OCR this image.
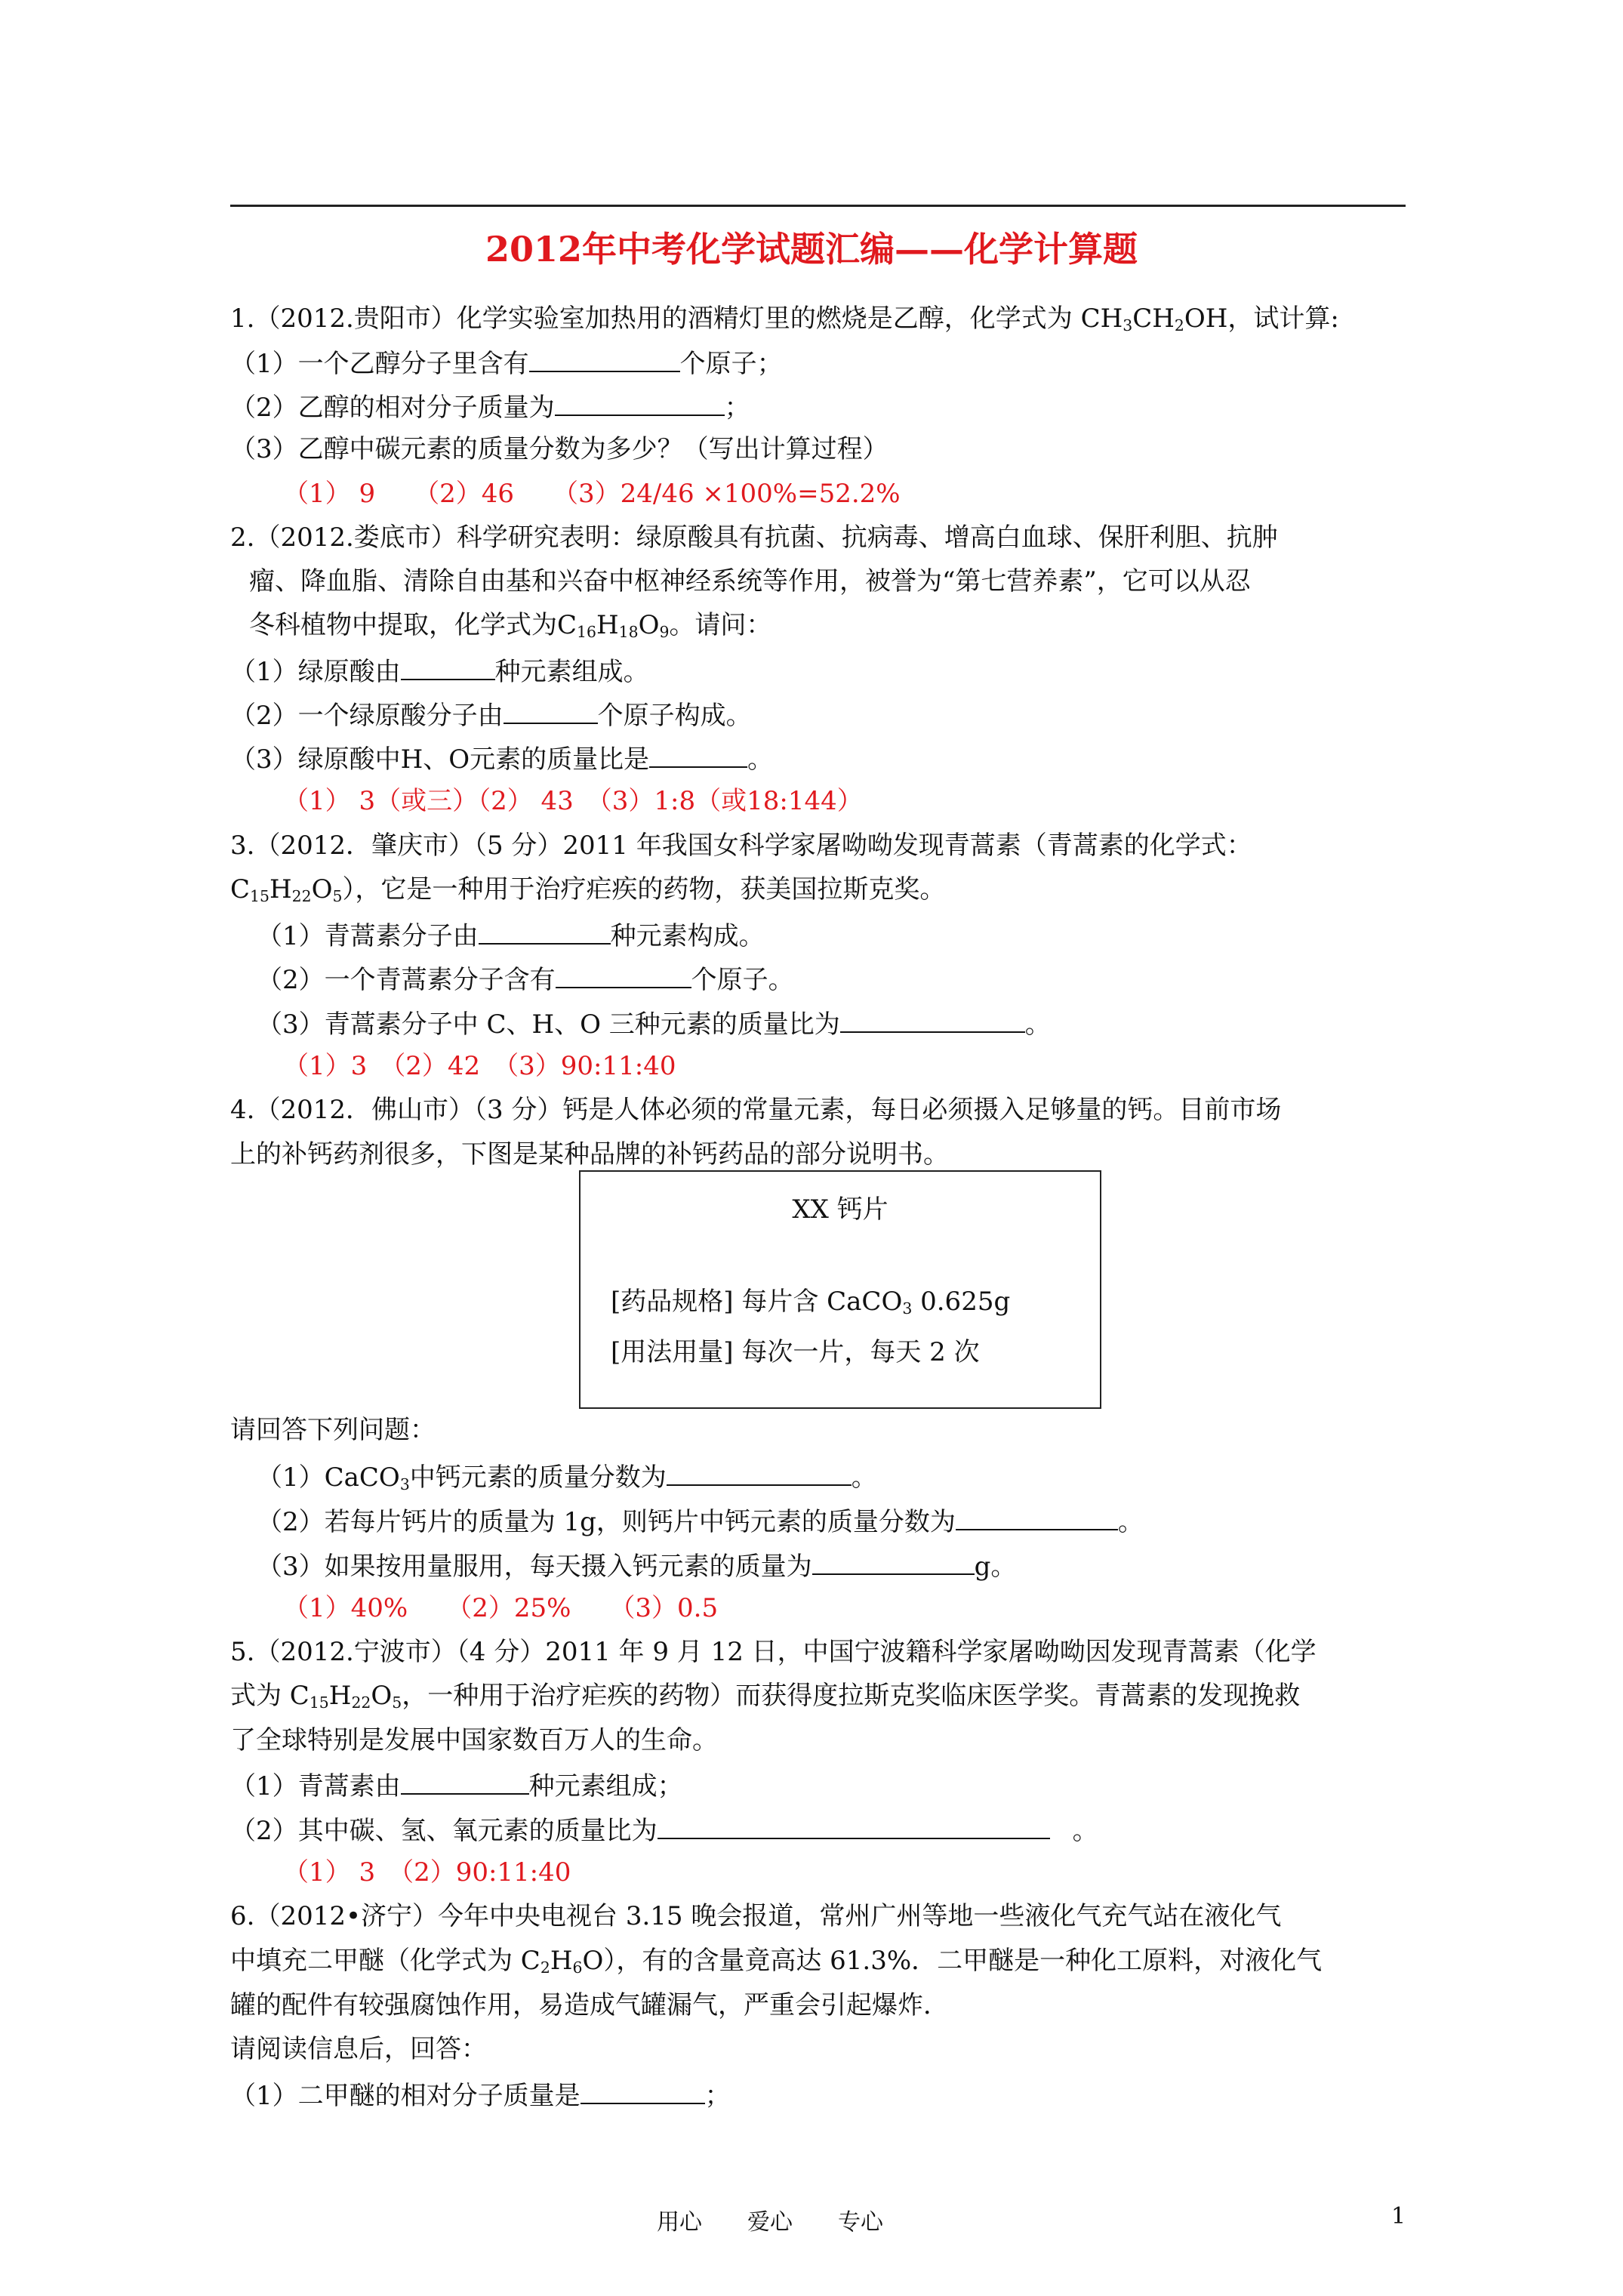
2012年中考化学试题汇编——化学计算题
1.（2012.贵阳市）化学实验室加热用的酒精灯里的燃烧是乙醇，化学式为 $CH_3CH_2OH$，试计算:
（1）一个乙醇分子里含有	个原子；
（2）乙醇的相对分子质量为	；
（3）乙醇中碳元素的质量分数为多少？（写出计算过程）
（1） 9　　（2）46　　（3）24/46 ×100%=52.2%
2.（2012.娄底市）科学研究表明：绿原酸具有抗菌、抗病毒、增高白血球、保肝利胆、抗肿
瘤、降血脂、清除自由基和兴奋中枢神经系统等作用，被誉为“第七营养素”，它可以从忍
冬科植物中提取，化学式为$C_{16}H_{18}O_9$。请问：
（1）绿原酸由	种元素组成。
（2）一个绿原酸分子由	个原子构成。
（3）绿原酸中H、O元素的质量比是	。
（1） 3（或三）（2） 43　（3）1:8（或18:144）
3.（2012．肇庆市）（5 分）2011 年我国女科学家屠呦呦发现青蒿素（青蒿素的化学式：
$C_{15}H_{22}O_5$），它是一种用于治疗疟疾的药物，获美国拉斯克奖。
（1）青蒿素分子由	种元素构成。
（2）一个青蒿素分子含有	个原子。
（3）青蒿素分子中 C、H、O 三种元素的质量比为	。
（1）3　（2）42　（3）90:11:40
4.（2012．佛山市）（3 分）钙是人体必须的常量元素，每日必须摄入足够量的钙。目前市场
上的补钙药剂很多，下图是某种品牌的补钙药品的部分说明书。
XX 钙片
[药品规格] 每片含 CaCO$_3$ 0.625g
[用法用量] 每次一片，每天 2 次
请回答下列问题：
（1）CaCO$_3$中钙元素的质量分数为	。
（2）若每片钙片的质量为 1g，则钙片中钙元素的质量分数为	。
（3）如果按用量服用，每天摄入钙元素的质量为	g。
（1）40%　　（2）25%　　（3）0.5
5.（2012.宁波市）（4 分）2011 年 9 月 12 日，中国宁波籍科学家屠呦呦因发现青蒿素（化学
式为 $C_{15}H_{22}O_5$，一种用于治疗疟疾的药物）而获得度拉斯克奖临床医学奖。青蒿素的发现挽救
了全球特别是发展中国家数百万人的生命。
（1）青蒿素由	种元素组成；
（2）其中碳、氢、氧元素的质量比为	。
（1） 3　（2）90:11:40
6.（2012•济宁）今年中央电视台 3.15 晚会报道，常州广州等地一些液化气充气站在液化气
中填充二甲醚（化学式为 $C_2H_6O$），有的含量竟高达 61.3%．二甲醚是一种化工原料，对液化气
罐的配件有较强腐蚀作用，易造成气罐漏气，严重会引起爆炸．
请阅读信息后，回答：
（1）二甲醚的相对分子质量是	；
用心　　爱心　　专心	1
